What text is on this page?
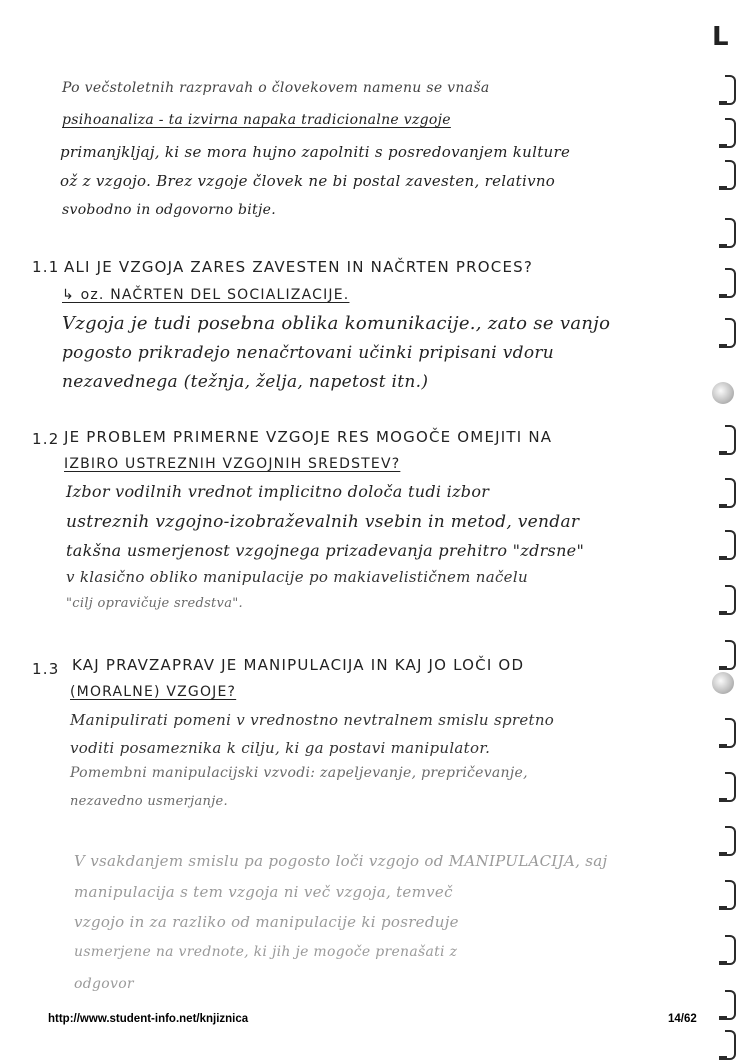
Po večstoletnih razpravah o človekovem namenu se vnaša
psihoanaliza - ta izvirna napaka tradicionalne vzgoje
primanjkljaj, ki se mora hujno zapolniti s posredovanjem kulture
ož z vzgojo. Brez vzgoje človek ne bi postal zavesten, relativno
svobodno in odgovorno bitje.
1.1 ALI JE VZGOJA ZARES ZAVESTEN IN NAČRTEN PROCES?
↳ oz. NAČRTEN DEL SOCIALIZACIJE.
Vzgoja je tudi posebna oblika komunikacije., zato se vanjo
pogosto prikradejo nenačrtovani učinki pripisani vdoru
nezavednega (težnja, želja, napetost itn.)
1.2 JE PROBLEM PRIMERNE VZGOJE RES MOGOČE OMEJITI NA
IZBIRO USTREZNIH VZGOJNIH SREDSTEV?
Izbor vodilnih vrednot implicitno določa tudi izbor
ustreznih vzgojno-izobraževalnih vsebin in metod, vendar
takšna usmerjenost vzgojnega prizadevanja prehitro "zdrsne"
v klasično obliko manipulacije po makiavelističnem načelu
"cilj opravičuje sredstva".
1.3 KAJ PRAVZAPRAV JE MANIPULACIJA IN KAJ JO LOČI OD
(MORALNE) VZGOJE?
Manipulirati pomeni v vrednostno nevtralnem smislu spretno
voditi posameznika k cilju, ki ga postavi manipulator.
Pomembni manipulacijski vzvodi: zapeljevanje, prepričevanje,
nezavedno usmerjanje.
V vsakdanjem smislu pa pogosto loči vzgojo od MANIPULACIJA, saj
manipulacija s tem vzgoja ni več vzgoja, temveč
vzgojo in za razliko od manipulacije ki posreduje
usmerjene na vrednote, ki jih je mogoče prenašati z
odgovor
L
http://www.student-info.net/knjiznica	14/62
